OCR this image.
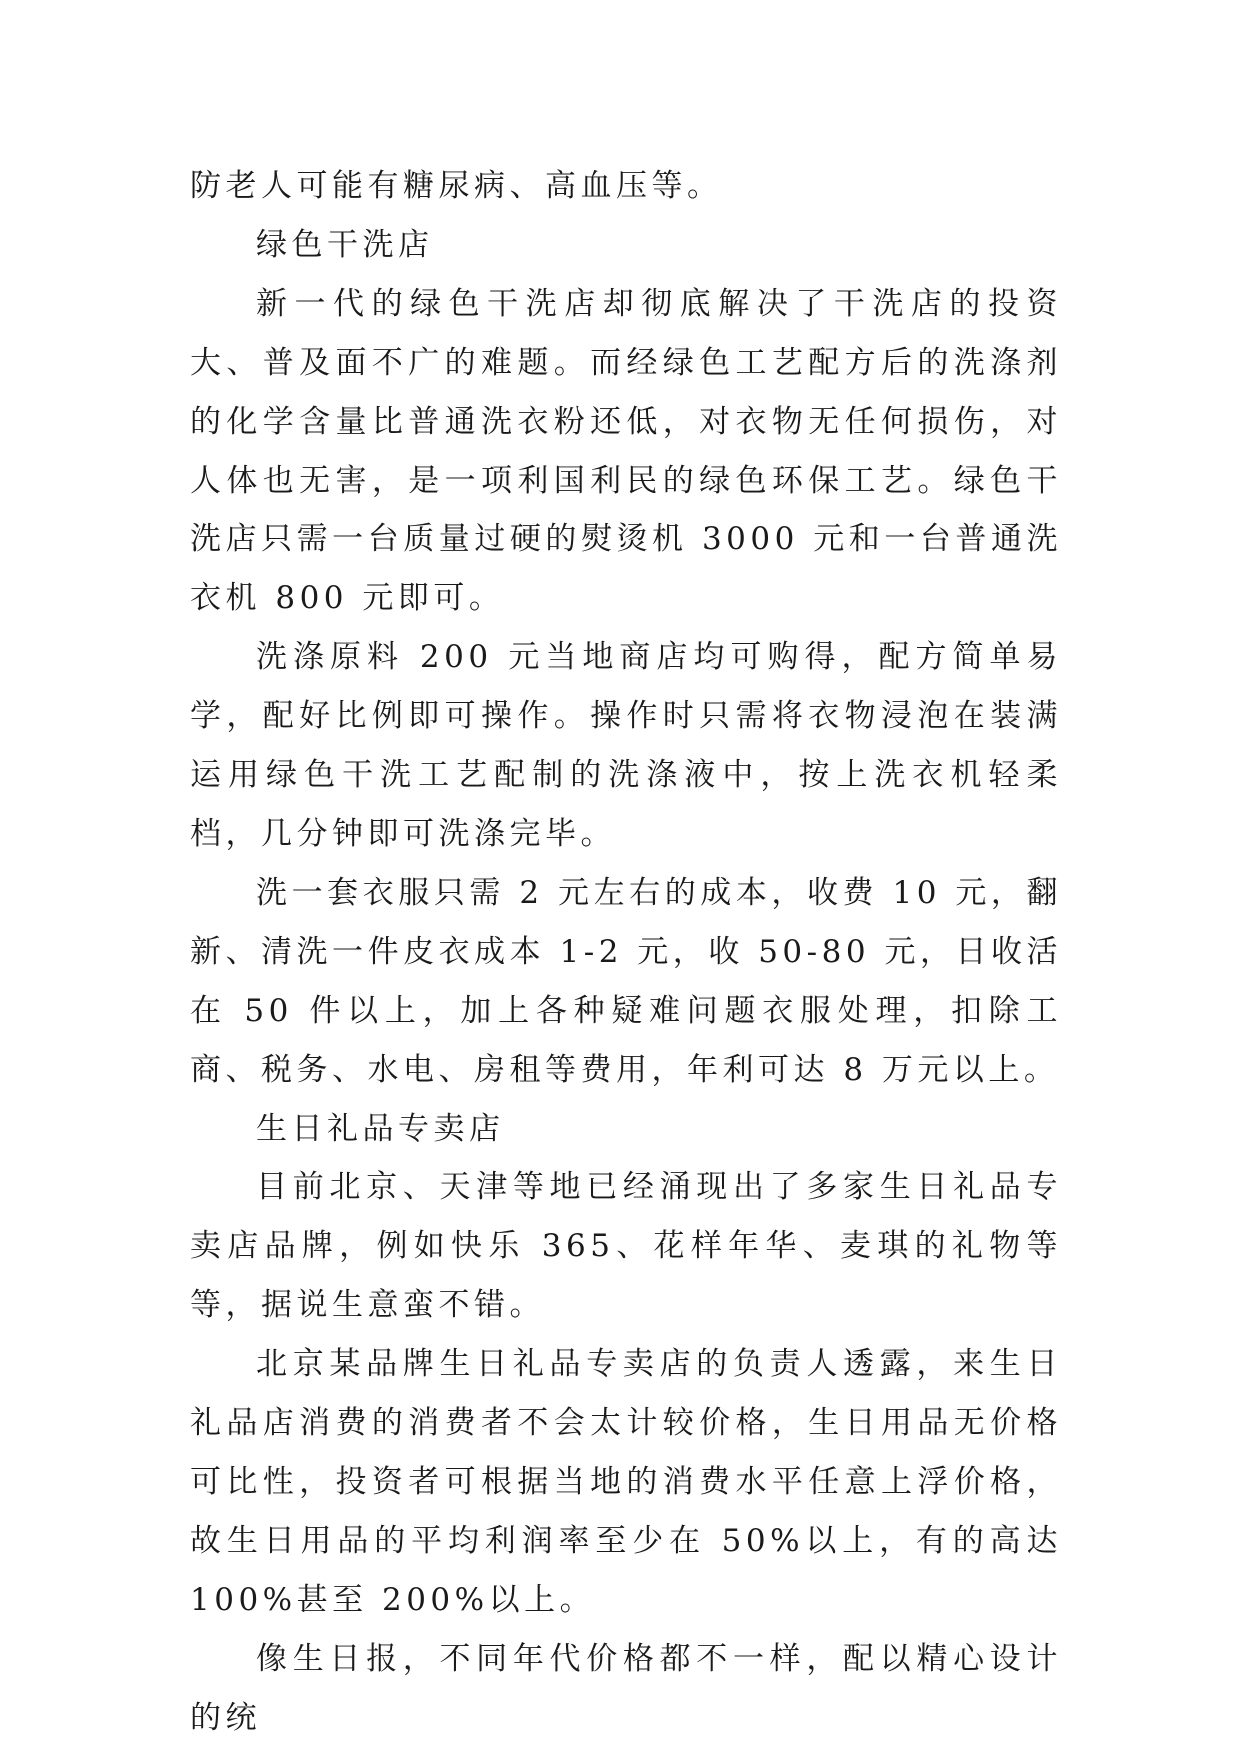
防老人可能有糖尿病、高血压等。

绿色干洗店

新一代的绿色干洗店却彻底解决了干洗店的投资大、普及面不广的难题。而经绿色工艺配方后的洗涤剂的化学含量比普通洗衣粉还低，对衣物无任何损伤，对人体也无害，是一项利国利民的绿色环保工艺。绿色干洗店只需一台质量过硬的熨烫机 3000 元和一台普通洗衣机 800 元即可。

洗涤原料 200 元当地商店均可购得，配方简单易学，配好比例即可操作。操作时只需将衣物浸泡在装满运用绿色干洗工艺配制的洗涤液中，按上洗衣机轻柔档，几分钟即可洗涤完毕。

洗一套衣服只需 2 元左右的成本，收费 10 元，翻新、清洗一件皮衣成本 1-2 元，收 50-80 元，日收活在 50 件以上，加上各种疑难问题衣服处理，扣除工商、税务、水电、房租等费用，年利可达 8 万元以上。

生日礼品专卖店

目前北京、天津等地已经涌现出了多家生日礼品专卖店品牌，例如快乐 365、花样年华、麦琪的礼物等等，据说生意蛮不错。

北京某品牌生日礼品专卖店的负责人透露，来生日礼品店消费的消费者不会太计较价格，生日用品无价格可比性，投资者可根据当地的消费水平任意上浮价格，故生日用品的平均利润率至少在 50%以上，有的高达 100%甚至 200%以上。

像生日报，不同年代价格都不一样，配以精心设计的统
